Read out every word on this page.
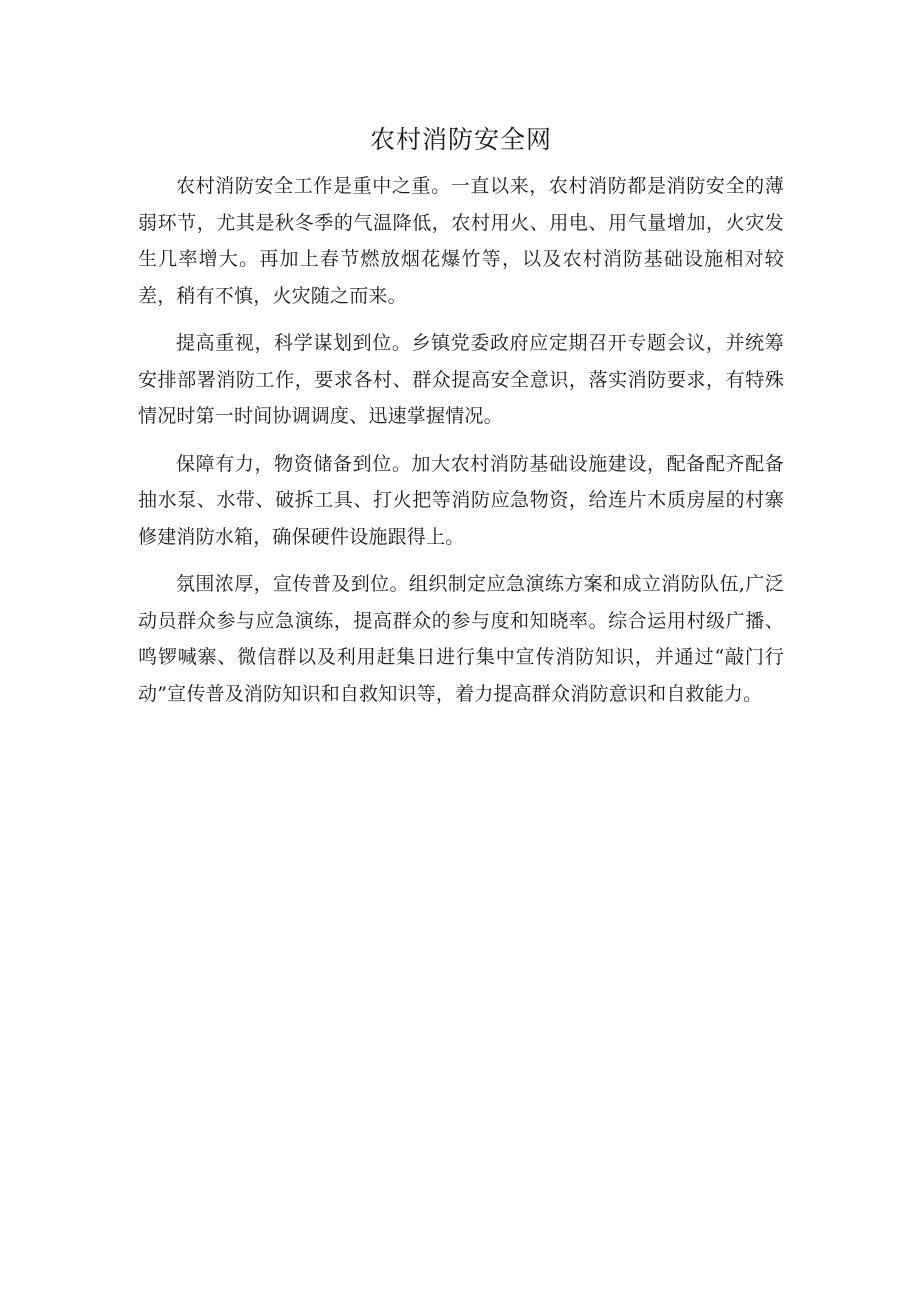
农村消防安全网

农村消防安全工作是重中之重。一直以来，农村消防都是消防安全的薄弱环节，尤其是秋冬季的气温降低，农村用火、用电、用气量增加，火灾发生几率增大。再加上春节燃放烟花爆竹等，以及农村消防基础设施相对较差，稍有不慎，火灾随之而来。

提高重视，科学谋划到位。乡镇党委政府应定期召开专题会议，并统筹安排部署消防工作，要求各村、群众提高安全意识，落实消防要求，有特殊情况时第一时间协调调度、迅速掌握情况。

保障有力，物资储备到位。加大农村消防基础设施建设，配备配齐配备抽水泵、水带、破拆工具、打火把等消防应急物资，给连片木质房屋的村寨修建消防水箱，确保硬件设施跟得上。

氛围浓厚，宣传普及到位。组织制定应急演练方案和成立消防队伍,广泛动员群众参与应急演练，提高群众的参与度和知晓率。综合运用村级广播、鸣锣喊寨、微信群以及利用赶集日进行集中宣传消防知识，并通过“敲门行动”宣传普及消防知识和自救知识等，着力提高群众消防意识和自救能力。
